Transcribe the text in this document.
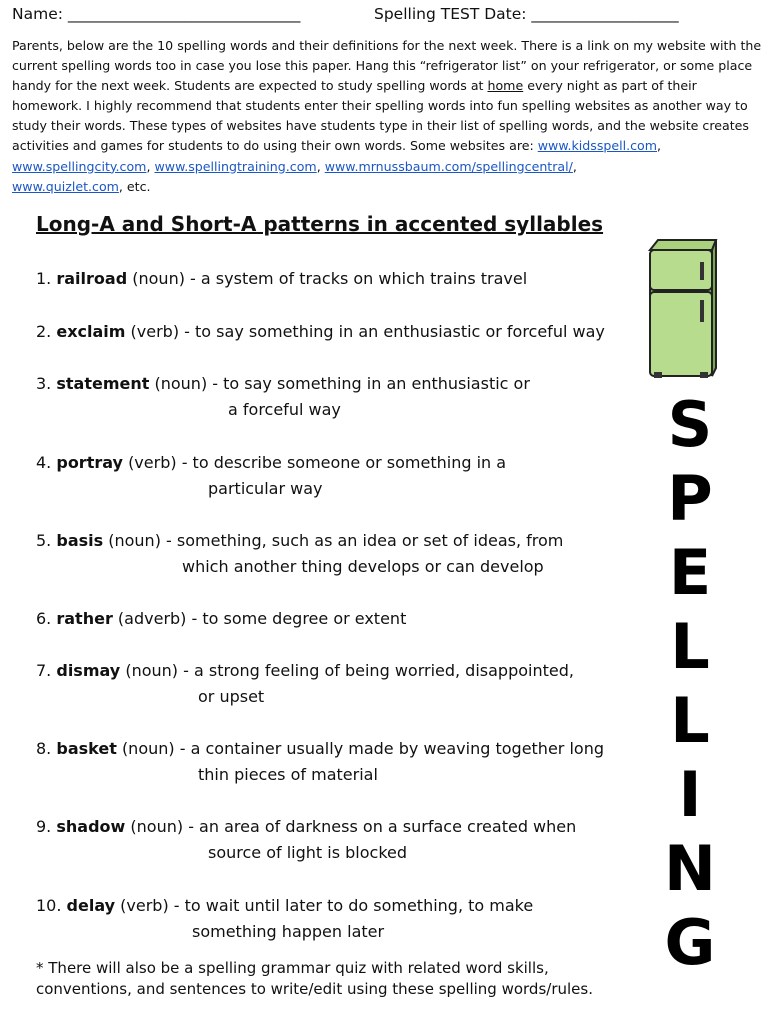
Name: ______________________________	Spelling TEST Date: ___________________
Parents, below are the 10 spelling words and their definitions for the next week. There is a link on my website with the current spelling words too in case you lose this paper. Hang this “refrigerator list” on your refrigerator, or some place handy for the next week. Students are expected to study spelling words at home every night as part of their homework. I highly recommend that students enter their spelling words into fun spelling websites as another way to study their words. These types of websites have students type in their list of spelling words, and the website creates activities and games for students to do using their own words. Some websites are: www.kidsspell.com, www.spellingcity.com, www.spellingtraining.com, www.mrnussbaum.com/spellingcentral/,
www.quizlet.com, etc.
Long-A and Short-A patterns in accented syllables
1. railroad (noun) - a system of tracks on which trains travel
2. exclaim (verb) - to say something in an enthusiastic or forceful way
3. statement (noun) - to say something in an enthusiastic or
a forceful way
4. portray (verb) - to describe someone or something in a
particular way
5. basis (noun) - something, such as an idea or set of ideas, from
which another thing develops or can develop
6. rather (adverb) - to some degree or extent
7. dismay (noun) - a strong feeling of being worried, disappointed,
or upset
8. basket (noun) - a container usually made by weaving together long
thin pieces of material
9. shadow (noun) - an area of darkness on a surface created when
source of light is blocked
10. delay (verb) - to wait until later to do something, to make
something happen later
* There will also be a spelling grammar quiz with related word skills, conventions, and sentences to write/edit using these spelling words/rules.
S
P
E
L
L
I
N
G
